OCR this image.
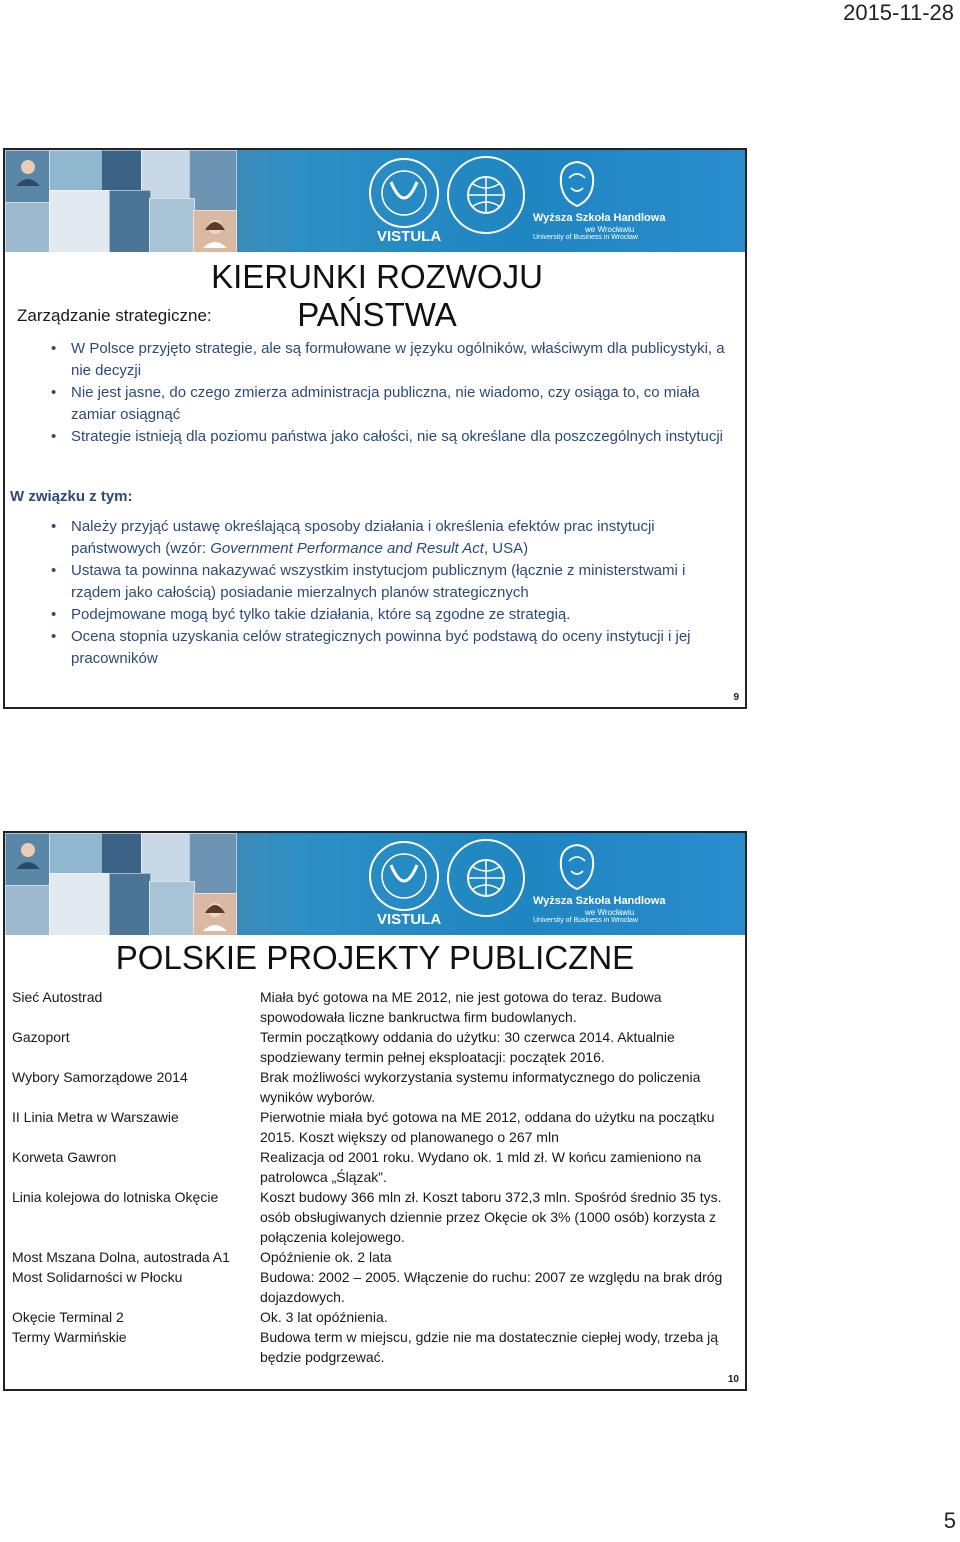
2015-11-28
VISTULA
Wyższa Szkoła Handlowa
we Wrocławiu
University of Business in Wrocław
Zarządzanie strategiczne:
KIERUNKI ROZWOJU PAŃSTWA
• W Polsce przyjęto strategie, ale są formułowane w języku ogólników, właściwym dla publicystyki, a nie decyzji
• Nie jest jasne, do czego zmierza administracja publiczna, nie wiadomo, czy osiąga to, co miała zamiar osiągnąć
• Strategie istnieją dla poziomu państwa jako całości, nie są określane dla poszczególnych instytucji
W związku z tym:
• Należy przyjąć ustawę określającą sposoby działania i określenia efektów prac instytucji państwowych (wzór: Government Performance and Result Act, USA)
• Ustawa ta powinna nakazywać wszystkim instytucjom publicznym (łącznie z ministerstwami i rządem jako całością) posiadanie mierzalnych planów strategicznych
• Podejmowane mogą być tylko takie działania, które są zgodne ze strategią.
• Ocena stopnia uzyskania celów strategicznych powinna być podstawą do oceny instytucji i jej pracowników
9
VISTULA
Wyższa Szkoła Handlowa
we Wrocławiu
University of Business in Wrocław
POLSKIE PROJEKTY PUBLICZNE
Sieć Autostrad	Miała być gotowa na ME 2012, nie jest gotowa do teraz. Budowa spowodowała liczne bankructwa firm budowlanych.
Gazoport	Termin początkowy oddania do użytku: 30 czerwca 2014. Aktualnie spodziewany termin pełnej eksploatacji: początek 2016.
Wybory Samorządowe 2014	Brak możliwości wykorzystania systemu informatycznego do policzenia wyników wyborów.
II Linia Metra w Warszawie	Pierwotnie miała być gotowa na ME 2012, oddana do użytku na początku 2015. Koszt większy od planowanego o 267 mln
Korweta Gawron	Realizacja od 2001 roku. Wydano ok. 1 mld zł. W końcu zamieniono na patrolowca „Ślązak”.
Linia kolejowa do lotniska Okęcie	Koszt budowy 366 mln zł. Koszt taboru 372,3 mln. Spośród średnio 35 tys. osób obsługiwanych dziennie przez Okęcie ok 3% (1000 osób) korzysta z połączenia kolejowego.
Most Mszana Dolna, autostrada A1	Opóźnienie ok. 2 lata
Most Solidarności w Płocku	Budowa: 2002 – 2005. Włączenie do ruchu: 2007 ze względu na brak dróg dojazdowych.
Okęcie Terminal 2	Ok. 3 lat opóźnienia.
Termy Warmińskie	Budowa term w miejscu, gdzie nie ma dostatecznie ciepłej wody, trzeba ją będzie podgrzewać.
10
5
